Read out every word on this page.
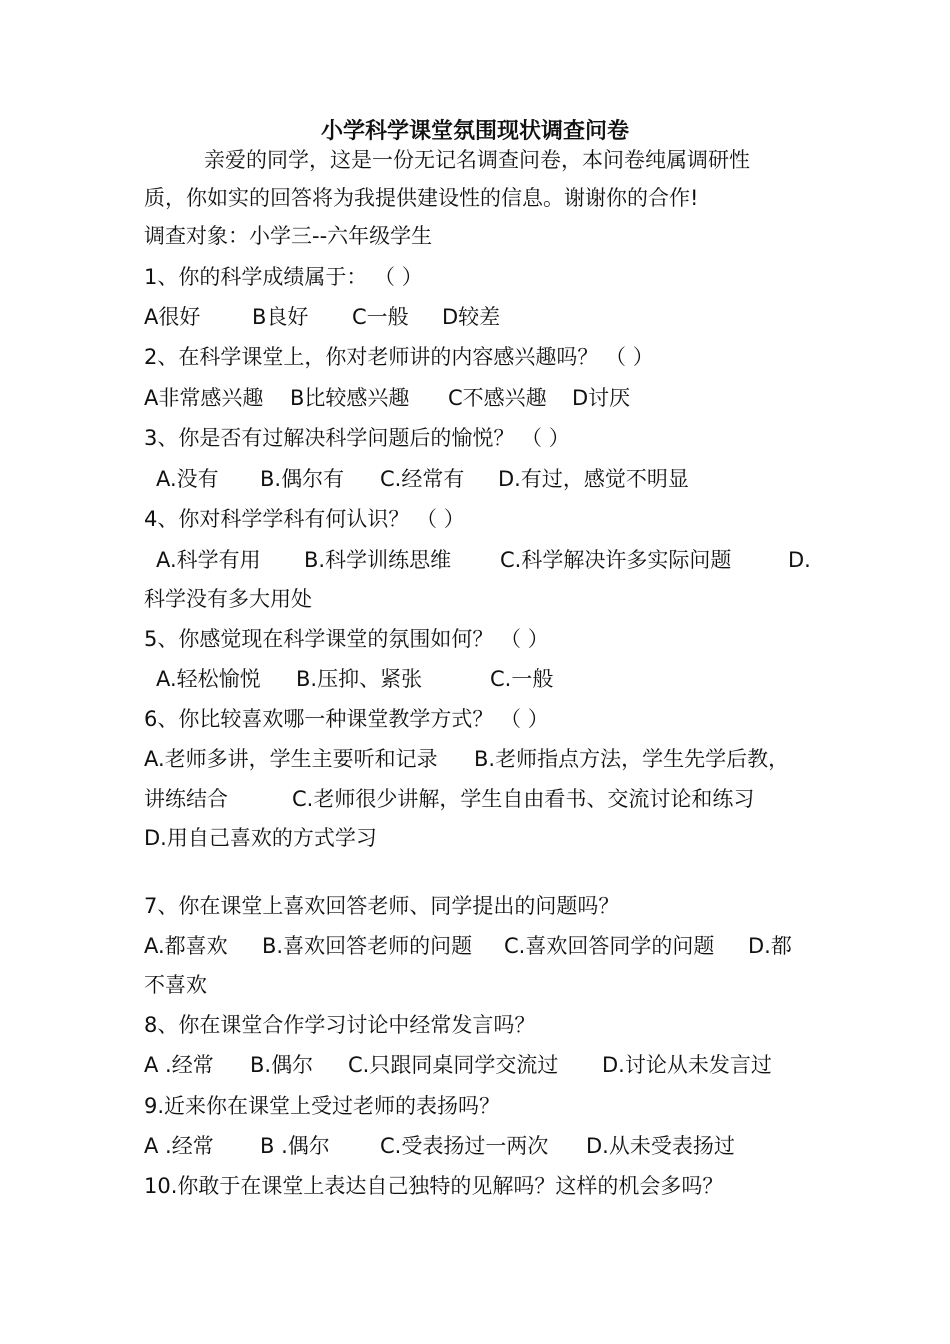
小学科学课堂氛围现状调查问卷
亲爱的同学，这是一份无记名调查问卷，本问卷纯属调研性
质，你如实的回答将为我提供建设性的信息。谢谢你的合作!
调查对象：小学三--六年级学生
1、你的科学成绩属于： （ ）
A很好 B良好 C一般 D较差
2、在科学课堂上，你对老师讲的内容感兴趣吗？ （ ）
A非常感兴趣 B比较感兴趣 C不感兴趣 D讨厌
3、你是否有过解决科学问题后的愉悦？ （ ）
A.没有 B.偶尔有 C.经常有 D.有过，感觉不明显
4、你对科学学科有何认识？ （ ）
A.科学有用 B.科学训练思维 C.科学解决许多实际问题	D.
科学没有多大用处
5、你感觉现在科学课堂的氛围如何？ （ ）
A.轻松愉悦 B.压抑、紧张	C.一般
6、你比较喜欢哪一种课堂教学方式？ （ ）
A.老师多讲，学生主要听和记录 B.老师指点方法，学生先学后教，
讲练结合	C.老师很少讲解，学生自由看书、交流讨论和练习
D.用自己喜欢的方式学习
7、你在课堂上喜欢回答老师、同学提出的问题吗？
A.都喜欢 B.喜欢回答老师的问题 C.喜欢回答同学的问题 D.都
不喜欢
8、你在课堂合作学习讨论中经常发言吗？
A .经常 B.偶尔 C.只跟同桌同学交流过 D.讨论从未发言过
9.近来你在课堂上受过老师的表扬吗？
A .经常 B .偶尔 C.受表扬过一两次 D.从未受表扬过
10.你敢于在课堂上表达自己独特的见解吗？这样的机会多吗？
